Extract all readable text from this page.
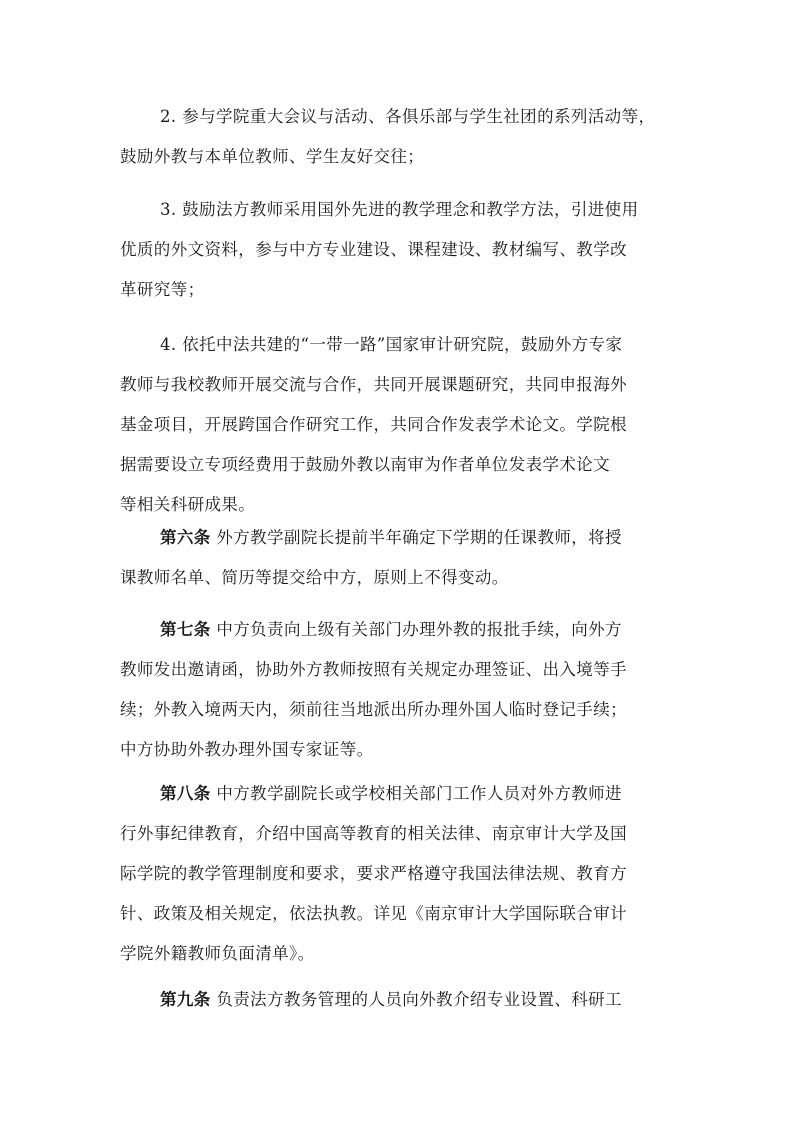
2. 参与学院重大会议与活动、各俱乐部与学生社团的系列活动等，
鼓励外教与本单位教师、学生友好交往；
3. 鼓励法方教师采用国外先进的教学理念和教学方法，引进使用
优质的外文资料，参与中方专业建设、课程建设、教材编写、教学改
革研究等；
4. 依托中法共建的“一带一路”国家审计研究院，鼓励外方专家
教师与我校教师开展交流与合作，共同开展课题研究，共同申报海外
基金项目，开展跨国合作研究工作，共同合作发表学术论文。学院根
据需要设立专项经费用于鼓励外教以南审为作者单位发表学术论文
等相关科研成果。
第六条 外方教学副院长提前半年确定下学期的任课教师，将授
课教师名单、简历等提交给中方，原则上不得变动。
第七条 中方负责向上级有关部门办理外教的报批手续，向外方
教师发出邀请函，协助外方教师按照有关规定办理签证、出入境等手
续；外教入境两天内，须前往当地派出所办理外国人临时登记手续；
中方协助外教办理外国专家证等。
第八条 中方教学副院长或学校相关部门工作人员对外方教师进
行外事纪律教育，介绍中国高等教育的相关法律、南京审计大学及国
际学院的教学管理制度和要求，要求严格遵守我国法律法规、教育方
针、政策及相关规定，依法执教。详见《南京审计大学国际联合审计
学院外籍教师负面清单》。
第九条 负责法方教务管理的人员向外教介绍专业设置、科研工
